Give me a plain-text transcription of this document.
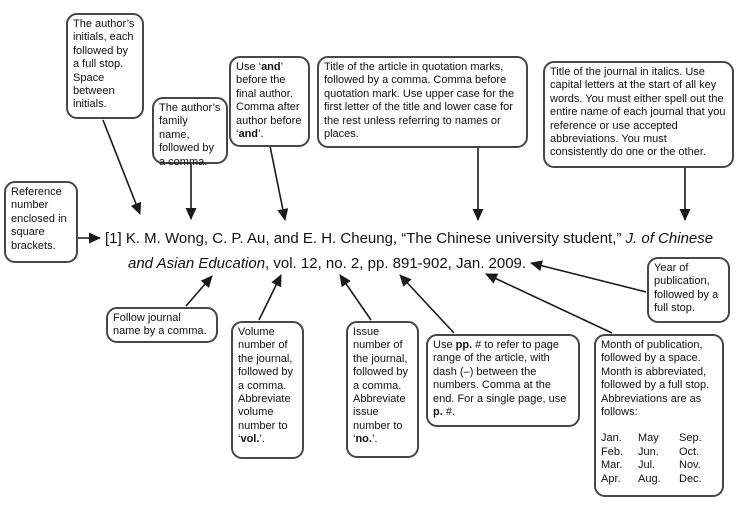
The author’s initials, each followed by a full stop. Space between initials.	The author’s family name, followed by a comma.
Reference number enclosed in square brackets.
Use ‘and’ before the final author. Comma after author before ‘and’.
Title of the article in quotation marks, followed by a comma. Comma before quotation mark. Use upper case for the first letter of the title and lower case for the rest unless referring to names or places.
Title of the journal in italics. Use capital letters at the start of all key words. You must either spell out the entire name of each journal that you reference or use accepted abbreviations. You must consistently do one or the other.
Follow journal name by a comma.	Volume number of the journal, followed by a comma. Abbreviate volume number to ‘vol.’.
Issue number of the journal, followed by a comma. Abbreviate issue number to ‘no.’.
Use pp. # to refer to page range of the article, with dash (–) between the numbers. Comma at the end. For a single page, use p. #.
Year of publication, followed by a full stop.
Month of publication, followed by a space. Month is abbreviated, followed by a full stop. Abbreviations are as follows:
Jan.	May	Sep.
Feb.	Jun.	Oct.
Mar.	Jul.	Nov.
Apr.	Aug.	Dec.
[1] K. M. Wong, C. P. Au, and E. H. Cheung, “The Chinese university student,” J. of Chinese
and Asian Education, vol. 12, no. 2, pp. 891-902, Jan. 2009.
